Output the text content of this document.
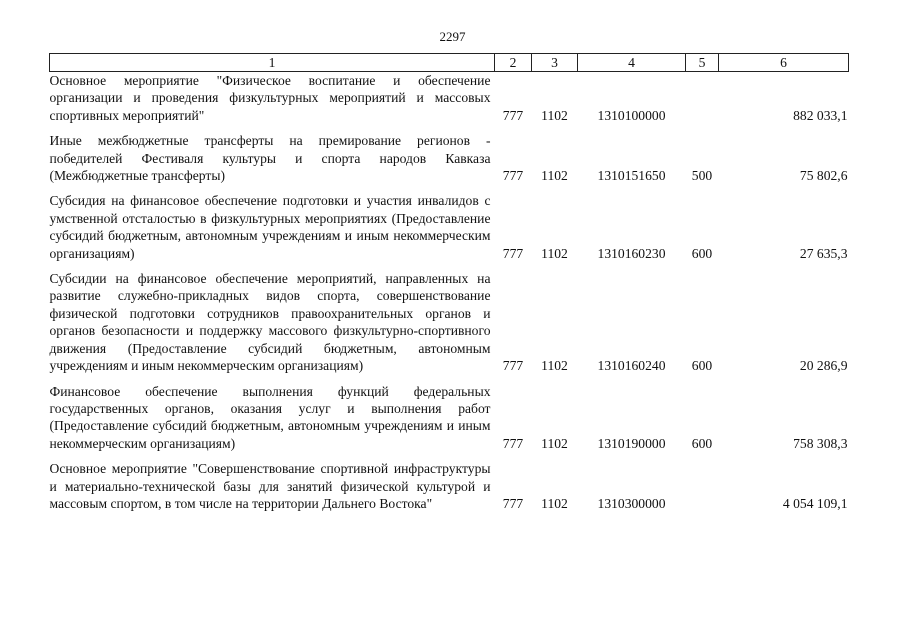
2297
1	2	3	4	5	6
Основное мероприятие "Физическое воспитание и обеспечение организации и проведения физкультурных мероприятий и массовых спортивных мероприятий"	777	1102	1310100000		882 033,1
Иные межбюджетные трансферты на премирование регионов - победителей Фестиваля культуры и спорта народов Кавказа (Межбюджетные трансферты)	777	1102	1310151650	500	75 802,6
Субсидия на финансовое обеспечение подготовки и участия инвалидов с умственной отсталостью в физкультурных мероприятиях (Предоставление субсидий бюджетным, автономным учреждениям и иным некоммерческим организациям)	777	1102	1310160230	600	27 635,3
Субсидии на финансовое обеспечение мероприятий, направленных на развитие служебно-прикладных видов спорта, совершенствование физической подготовки сотрудников правоохранительных органов и органов безопасности и поддержку массового физкультурно-спортивного движения (Предоставление субсидий бюджетным, автономным учреждениям и иным некоммерческим организациям)	777	1102	1310160240	600	20 286,9
Финансовое обеспечение выполнения функций федеральных государственных органов, оказания услуг и выполнения работ (Предоставление субсидий бюджетным, автономным учреждениям и иным некоммерческим организациям)	777	1102	1310190000	600	758 308,3
Основное мероприятие "Совершенствование спортивной инфраструктуры и материально-технической базы для занятий физической культурой и массовым спортом, в том числе на территории Дальнего Востока"	777	1102	1310300000		4 054 109,1
